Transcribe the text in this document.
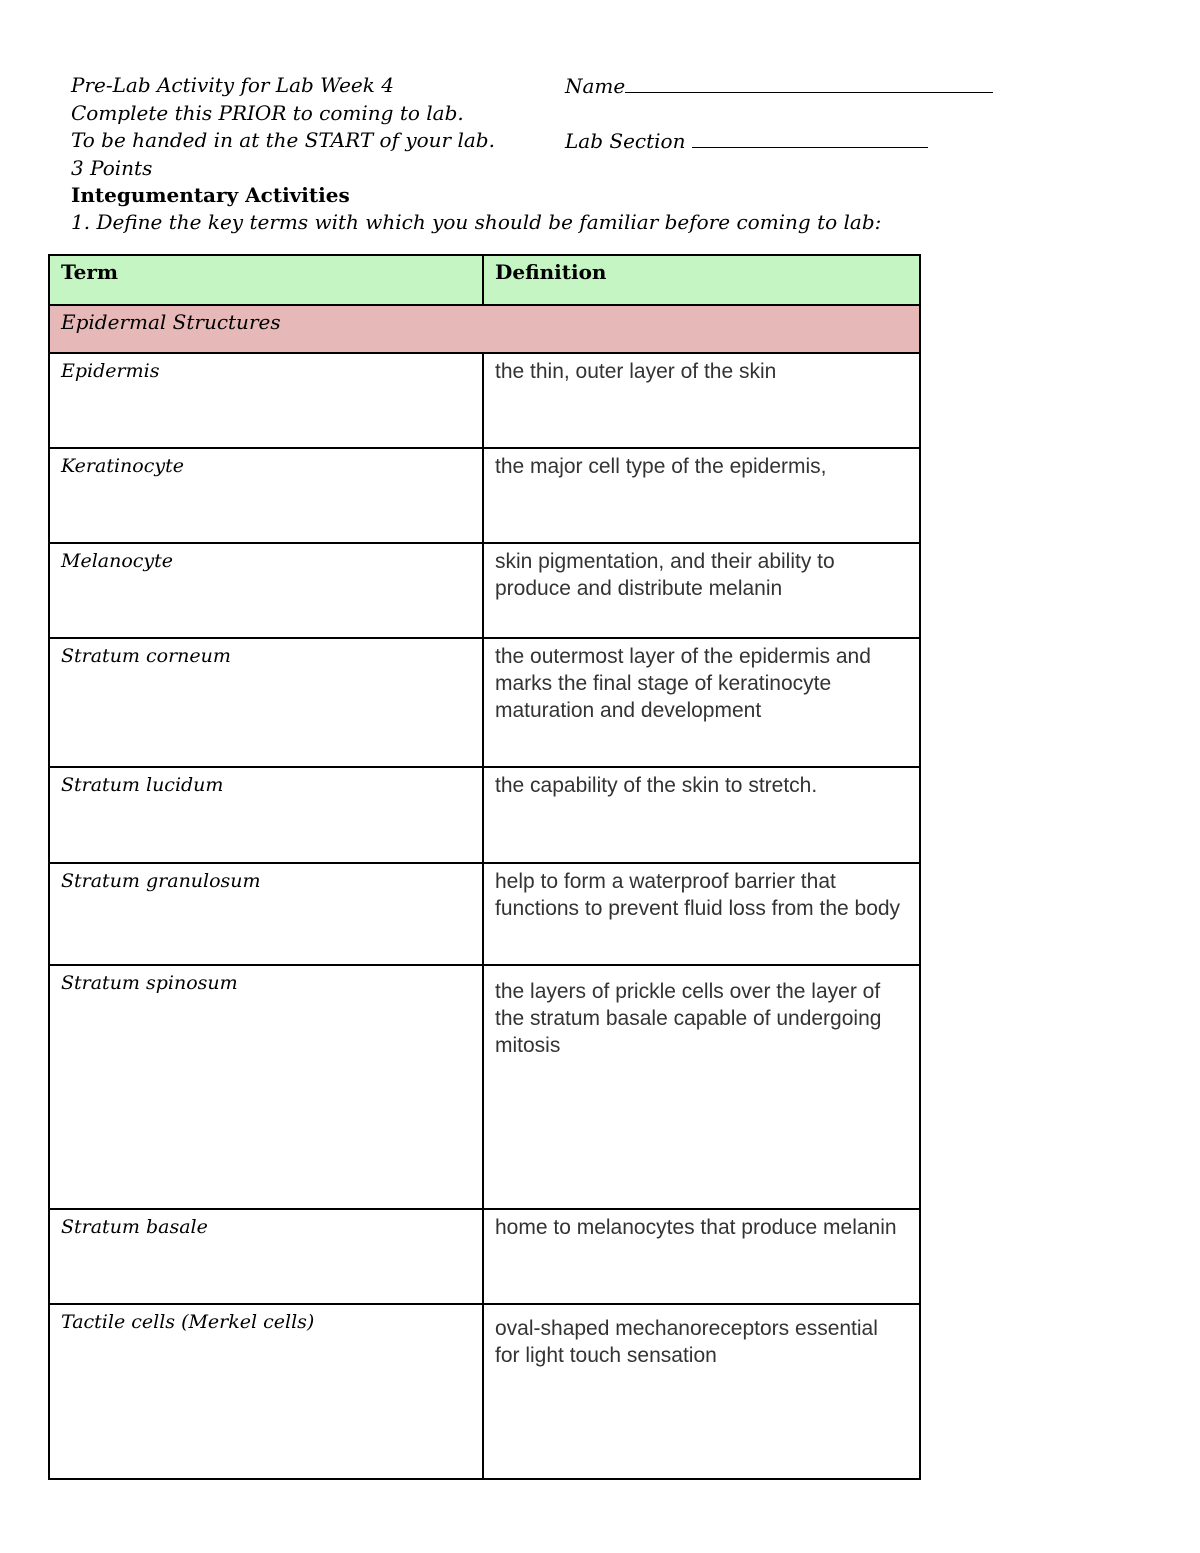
Pre-Lab Activity for Lab Week 4
Complete this PRIOR to coming to lab.
To be handed in at the START of your lab.
3 Points
Name
Lab Section
Integumentary Activities
1. Define the key terms with which you should be familiar before coming to lab:
Term	Definition
Epidermal Structures	
Epidermis	the thin, outer layer of the skin
Keratinocyte	the major cell type of the epidermis,
Melanocyte	skin pigmentation, and their ability to produce and distribute melanin
Stratum corneum	the outermost layer of the epidermis and marks the final stage of keratinocyte maturation and development
Stratum lucidum	the capability of the skin to stretch.
Stratum granulosum	help to form a waterproof barrier that functions to prevent fluid loss from the body
Stratum spinosum	the layers of prickle cells over the layer of the stratum basale capable of undergoing mitosis
Stratum basale	home to melanocytes that produce melanin
Tactile cells (Merkel cells)	oval-shaped mechanoreceptors essential for light touch sensation
